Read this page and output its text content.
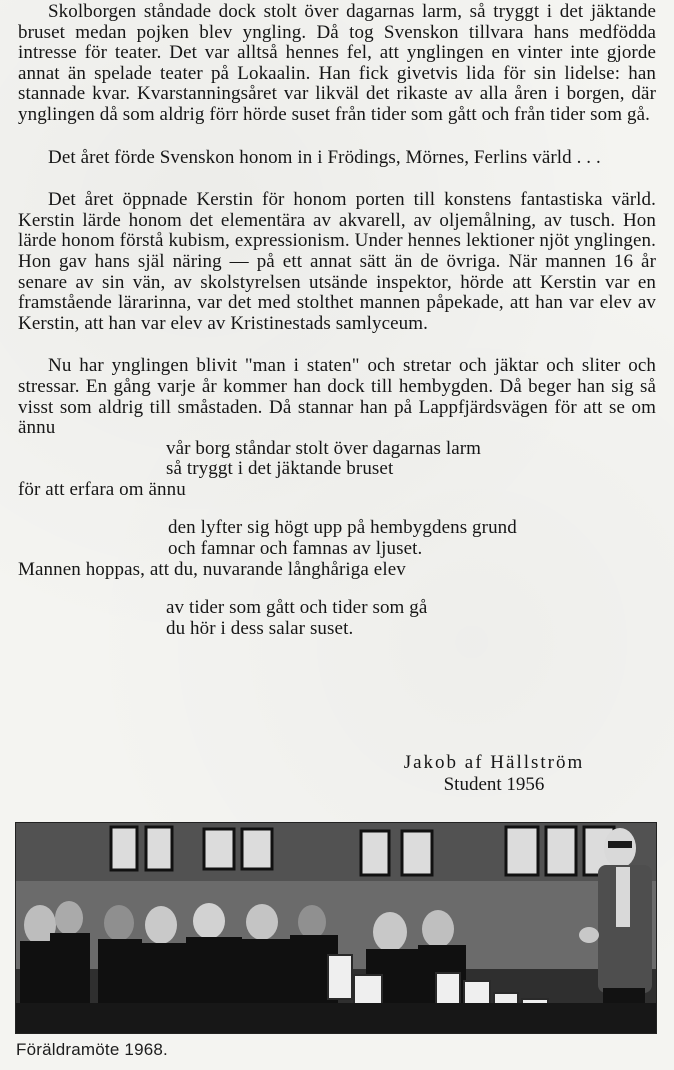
Skolborgen ståndade dock stolt över dagarnas larm, så tryggt i det jäktande bruset medan pojken blev yngling. Då tog Svenskon tillvara hans medfödda intresse för teater. Det var alltså hennes fel, att ynglingen en vinter inte gjorde annat än spelade teater på Lokaalin. Han fick givetvis lida för sin lidelse: han stannade kvar. Kvarstanningsåret var likväl det rikaste av alla åren i borgen, där ynglingen då som aldrig förr hörde suset från tider som gått och från tider som gå.

Det året förde Svenskon honom in i Frödings, Mörnes, Ferlins värld . . .

Det året öppnade Kerstin för honom porten till konstens fantastiska värld. Kerstin lärde honom det elementära av akvarell, av oljemålning, av tusch. Hon lärde honom förstå kubism, expressionism. Under hennes lektioner njöt ynglingen. Hon gav hans själ näring — på ett annat sätt än de övriga. När mannen 16 år senare av sin vän, av skolstyrelsen utsände inspektor, hörde att Kerstin var en framstående lärarinna, var det med stolthet mannen påpekade, att han var elev av Kerstin, att han var elev av Kristinestads samlyceum.

Nu har ynglingen blivit "man i staten" och stretar och jäktar och sliter och stressar. En gång varje år kommer han dock till hembygden. Då beger han sig så visst som aldrig till småstaden. Då stannar han på Lappfjärdsvägen för att se om ännu

vår borg ståndar stolt över dagarnas larm

så tryggt i det jäktande bruset

för att erfara om ännu

den lyfter sig högt upp på hembygdens grund

och famnar och famnas av ljuset.

Mannen hoppas, att du, nuvarande långhåriga elev

av tider som gått och tider som gå

du hör i dess salar suset.

Jakob af Hällström
Student 1956
Föräldramöte 1968.
